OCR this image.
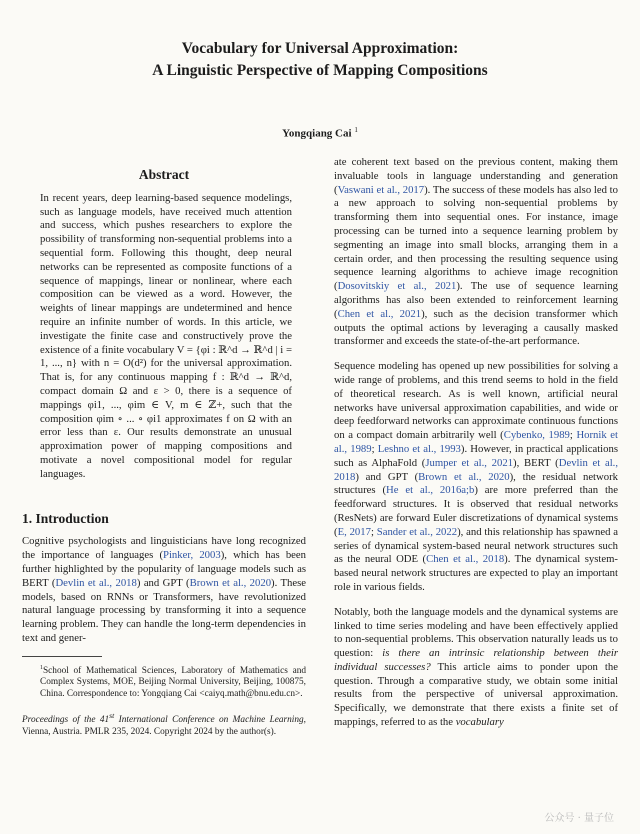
Vocabulary for Universal Approximation:
A Linguistic Perspective of Mapping Compositions
Yongqiang Cai $^1$
Abstract

In recent years, deep learning-based sequence modelings, such as language models, have received much attention and success, which pushes researchers to explore the possibility of transforming non-sequential problems into a sequential form. Following this thought, deep neural networks can be represented as composite functions of a sequence of mappings, linear or nonlinear, where each composition can be viewed as a word. However, the weights of linear mappings are undetermined and hence require an infinite number of words. In this article, we investigate the finite case and constructively prove the existence of a finite vocabulary V = {φi : ℝ^d → ℝ^d | i = 1, ..., n} with n = O(d²) for the universal approximation. That is, for any continuous mapping f : ℝ^d → ℝ^d, compact domain Ω and ε > 0, there is a sequence of mappings φi1, ..., φim ∈ V, m ∈ ℤ+, such that the composition φim ∘ ... ∘ φi1 approximates f on Ω with an error less than ε. Our results demonstrate an unusual approximation power of mapping compositions and motivate a novel compositional model for regular languages.

1. Introduction

Cognitive psychologists and linguisticians have long recognized the importance of languages (Pinker, 2003), which has been further highlighted by the popularity of language models such as BERT (Devlin et al., 2018) and GPT (Brown et al., 2020). These models, based on RNNs or Transformers, have revolutionized natural language processing by transforming it into a sequence learning problem. They can handle the long-term dependencies in text and gener-

$^1$School of Mathematical Sciences, Laboratory of Mathematics and Complex Systems, MOE, Beijing Normal University, Beijing, 100875, China. Correspondence to: Yongqiang Cai <caiyq.math@bnu.edu.cn>.
Proceedings of the 41st International Conference on Machine Learning, Vienna, Austria. PMLR 235, 2024. Copyright 2024 by the author(s).

ate coherent text based on the previous content, making them invaluable tools in language understanding and generation (Vaswani et al., 2017). The success of these models has also led to a new approach to solving non-sequential problems by transforming them into sequential ones. For instance, image processing can be turned into a sequence learning problem by segmenting an image into small blocks, arranging them in a certain order, and then processing the resulting sequence using sequence learning algorithms to achieve image recognition (Dosovitskiy et al., 2021). The use of sequence learning algorithms has also been extended to reinforcement learning (Chen et al., 2021), such as the decision transformer which outputs the optimal actions by leveraging a causally masked transformer and exceeds the state-of-the-art performance.

Sequence modeling has opened up new possibilities for solving a wide range of problems, and this trend seems to hold in the field of theoretical research. As is well known, artificial neural networks have universal approximation capabilities, and wide or deep feedforward networks can approximate continuous functions on a compact domain arbitrarily well (Cybenko, 1989; Hornik et al., 1989; Leshno et al., 1993). However, in practical applications such as AlphaFold (Jumper et al., 2021), BERT (Devlin et al., 2018) and GPT (Brown et al., 2020), the residual network structures (He et al., 2016a;b) are more preferred than the feedforward structures. It is observed that residual networks (ResNets) are forward Euler discretizations of dynamical systems (E, 2017; Sander et al., 2022), and this relationship has spawned a series of dynamical system-based neural network structures such as the neural ODE (Chen et al., 2018). The dynamical system-based neural network structures are expected to play an important role in various fields.

Notably, both the language models and the dynamical systems are linked to time series modeling and have been effectively applied to non-sequential problems. This observation naturally leads us to question: is there an intrinsic relationship between their individual successes? This article aims to ponder upon the question. Through a comparative study, we obtain some initial results from the perspective of universal approximation. Specifically, we demonstrate that there exists a finite set of mappings, referred to as the vocabulary

公众号 · 量子位
